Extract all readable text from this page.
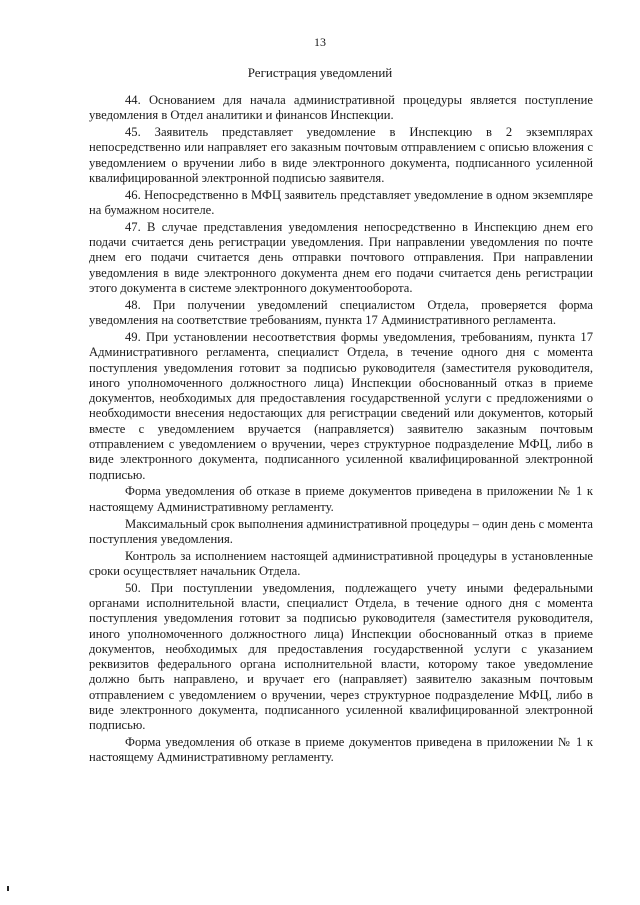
13
Регистрация уведомлений

44. Основанием для начала административной процедуры является поступление уведомления в Отдел аналитики и финансов Инспекции.

45. Заявитель представляет уведомление в Инспекцию в 2 экземплярах непосредственно или направляет его заказным почтовым отправлением с описью вложения с уведомлением о вручении либо в виде электронного документа, подписанного усиленной квалифицированной электронной подписью заявителя.

46. Непосредственно в МФЦ заявитель представляет уведомление в одном экземпляре на бумажном носителе.

47. В случае представления уведомления непосредственно в Инспекцию днем его подачи считается день регистрации уведомления. При направлении уведомления по почте днем его подачи считается день отправки почтового отправления. При направлении уведомления в виде электронного документа днем его подачи считается день регистрации этого документа в системе электронного документооборота.

48. При получении уведомлений специалистом Отдела, проверяется форма уведомления на соответствие требованиям, пункта 17 Административного регламента.

49. При установлении несоответствия формы уведомления, требованиям, пункта 17 Административного регламента, специалист Отдела, в течение одного дня с момента поступления уведомления готовит за подписью руководителя (заместителя руководителя, иного уполномоченного должностного лица) Инспекции обоснованный отказ в приеме документов, необходимых для предоставления государственной услуги с предложениями о необходимости внесения недостающих для регистрации сведений или документов, который вместе с уведомлением вручается (направляется) заявителю заказным почтовым отправлением с уведомлением о вручении, через структурное подразделение МФЦ, либо в виде электронного документа, подписанного усиленной квалифицированной электронной подписью.

Форма уведомления об отказе в приеме документов приведена в приложении № 1 к настоящему Административному регламенту.

Максимальный срок выполнения административной процедуры – один день с момента поступления уведомления.

Контроль за исполнением настоящей административной процедуры в установленные сроки осуществляет начальник Отдела.

50. При поступлении уведомления, подлежащего учету иными федеральными органами исполнительной власти, специалист Отдела, в течение одного дня с момента поступления уведомления готовит за подписью руководителя (заместителя руководителя, иного уполномоченного должностного лица) Инспекции обоснованный отказ в приеме документов, необходимых для предоставления государственной услуги с указанием реквизитов федерального органа исполнительной власти, которому такое уведомление должно быть направлено, и вручает его (направляет) заявителю заказным почтовым отправлением с уведомлением о вручении, через структурное подразделение МФЦ, либо в виде электронного документа, подписанного усиленной квалифицированной электронной подписью.

Форма уведомления об отказе в приеме документов приведена в приложении № 1 к настоящему Административному регламенту.
